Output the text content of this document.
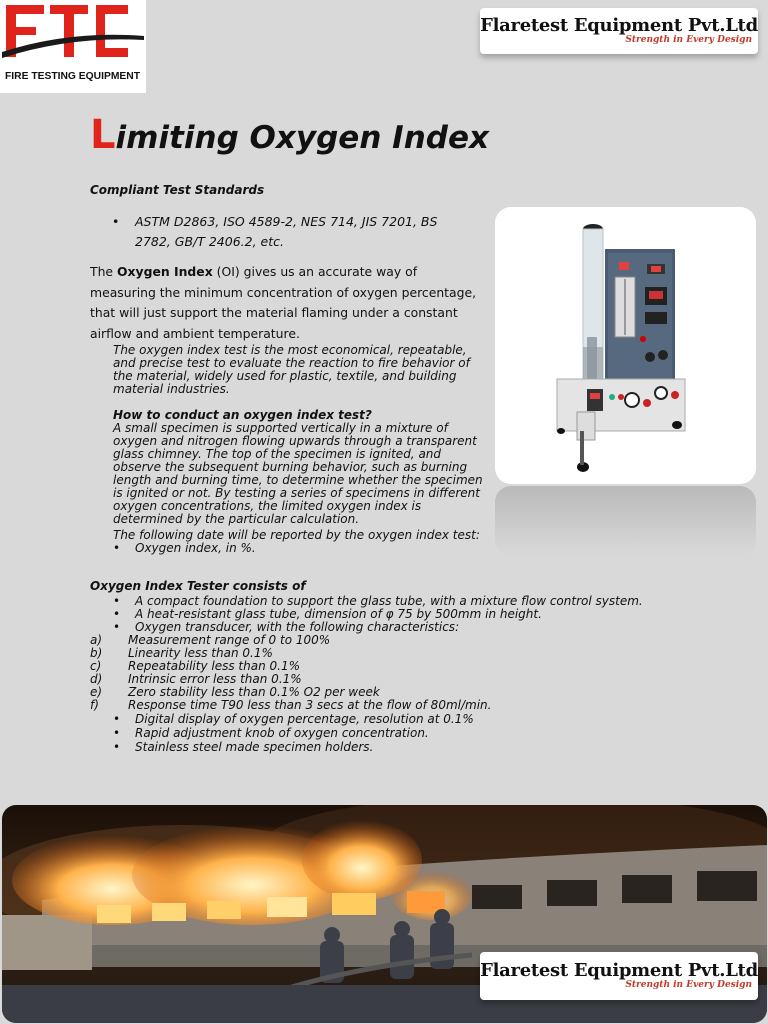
FIRE TESTING EQUIPMENT
Flaretest Equipment Pvt.Ltd
Strength in Every Design
Limiting Oxygen Index
Compliant Test Standards
•	ASTM D2863, ISO 4589-2, NES 714, JIS 7201, BS 2782, GB/T 2406.2, etc.
The Oxygen Index (OI) gives us an accurate way of measuring the minimum concentration of oxygen percentage, that will just support the material flaming under a constant airflow and ambient temperature.
The oxygen index test is the most economical, repeatable, and precise test to evaluate the reaction to fire behavior of the material, widely used for plastic, textile, and building material industries.
How to conduct an oxygen index test?
A small specimen is supported vertically in a mixture of oxygen and nitrogen flowing upwards through a transparent glass chimney. The top of the specimen is ignited, and observe the subsequent burning behavior, such as burning length and burning time, to determine whether the specimen is ignited or not. By testing a series of specimens in different oxygen concentrations, the limited oxygen index is determined by the particular calculation.
The following date will be reported by the oxygen index test:
• Oxygen index, in %.
Oxygen Index Tester consists of
• A compact foundation to support the glass tube, with a mixture flow control system.
• A heat-resistant glass tube, dimension of φ 75 by 500mm in height.
• Oxygen transducer, with the following characteristics:
a) Measurement range of 0 to 100%
b) Linearity less than 0.1%
c) Repeatability less than 0.1%
d) Intrinsic error less than 0.1%
e) Zero stability less than 0.1% O2 per week
f) Response time T90 less than 3 secs at the flow of 80ml/min.
• Digital display of oxygen percentage, resolution at 0.1%
• Rapid adjustment knob of oxygen concentration.
• Stainless steel made specimen holders.
Flaretest Equipment Pvt.Ltd
Strength in Every Design
